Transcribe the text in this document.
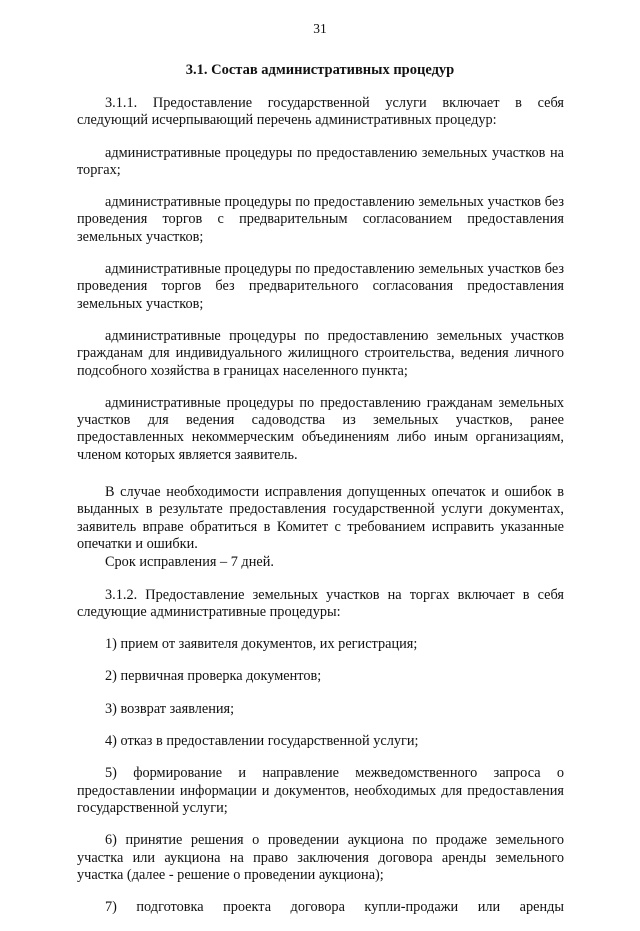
31
3.1. Состав административных процедур

3.1.1. Предоставление государственной услуги включает в себя следующий исчерпывающий перечень административных процедур:

административные процедуры по предоставлению земельных участков на торгах;

административные процедуры по предоставлению земельных участков без проведения торгов с предварительным согласованием предоставления земельных участков;

административные процедуры по предоставлению земельных участков без проведения торгов без предварительного согласования предоставления земельных участков;

административные процедуры по предоставлению земельных участков гражданам для индивидуального жилищного строительства, ведения личного подсобного хозяйства в границах населенного пункта;

административные процедуры по предоставлению гражданам земельных участков для ведения садоводства из земельных участков, ранее предоставленных некоммерческим объединениям либо иным организациям, членом которых является заявитель.

В случае необходимости исправления допущенных опечаток и ошибок в выданных в результате предоставления государственной услуги документах, заявитель вправе обратиться в Комитет с требованием исправить указанные опечатки и ошибки.

Срок исправления – 7 дней.

3.1.2. Предоставление земельных участков на торгах включает в себя следующие административные процедуры:

1) прием от заявителя документов, их регистрация;

2) первичная проверка документов;

3) возврат заявления;

4) отказ в предоставлении государственной услуги;

5) формирование и направление межведомственного запроса о предоставлении информации и документов, необходимых для предоставления государственной услуги;

6) принятие решения о проведении аукциона по продаже земельного участка или аукциона на право заключения договора аренды земельного участка (далее - решение о проведении аукциона);

7) подготовка проекта договора купли-продажи или аренды
